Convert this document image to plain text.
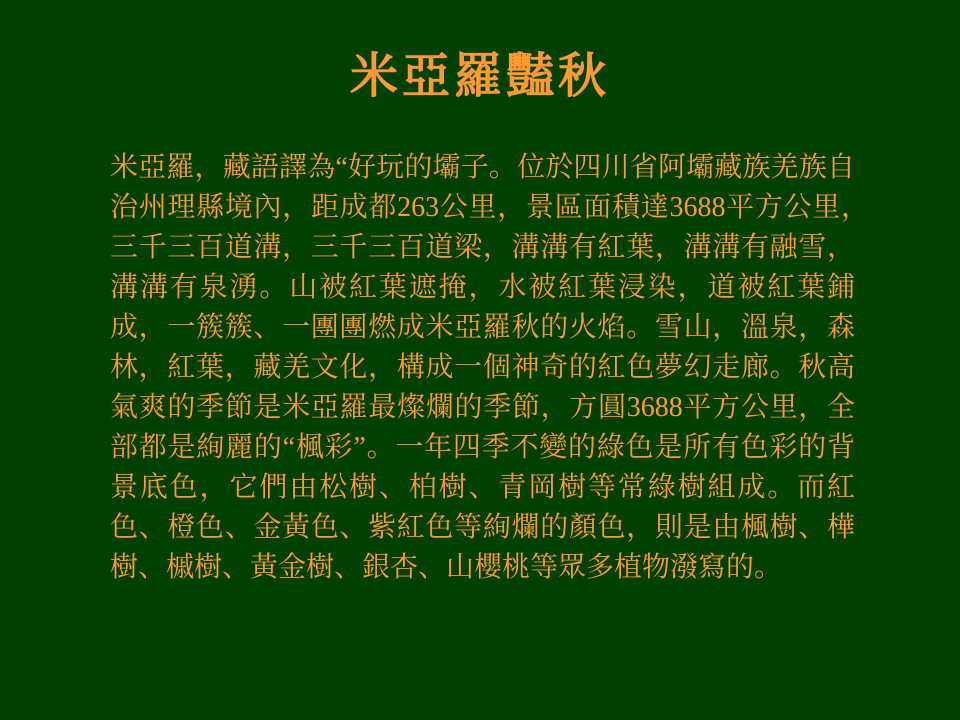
米亞羅豔秋
米亞羅，藏語譯為“好玩的壩子。位於四川省阿壩藏族羌族自治州理縣境內，距成都263公里，景區面積達3688平方公里，　三千三百道溝，三千三百道梁，溝溝有紅葉，溝溝有融雪，溝溝有泉湧。山被紅葉遮掩，水被紅葉浸染，道被紅葉鋪成，一簇簇、一團團燃成米亞羅秋的火焰。雪山，溫泉，森林，紅葉，藏羌文化，構成一個神奇的紅色夢幻走廊。秋高氣爽的季節是米亞羅最燦爛的季節，方圓3688平方公里，全部都是絢麗的“楓彩”。一年四季不變的綠色是所有色彩的背景底色，它們由松樹、柏樹、青岡樹等常綠樹組成。而紅色、橙色、金黃色、紫紅色等絢爛的顏色，則是由楓樹、樺樹、槭樹、黃金樹、銀杏、山櫻桃等眾多植物潑寫的。
